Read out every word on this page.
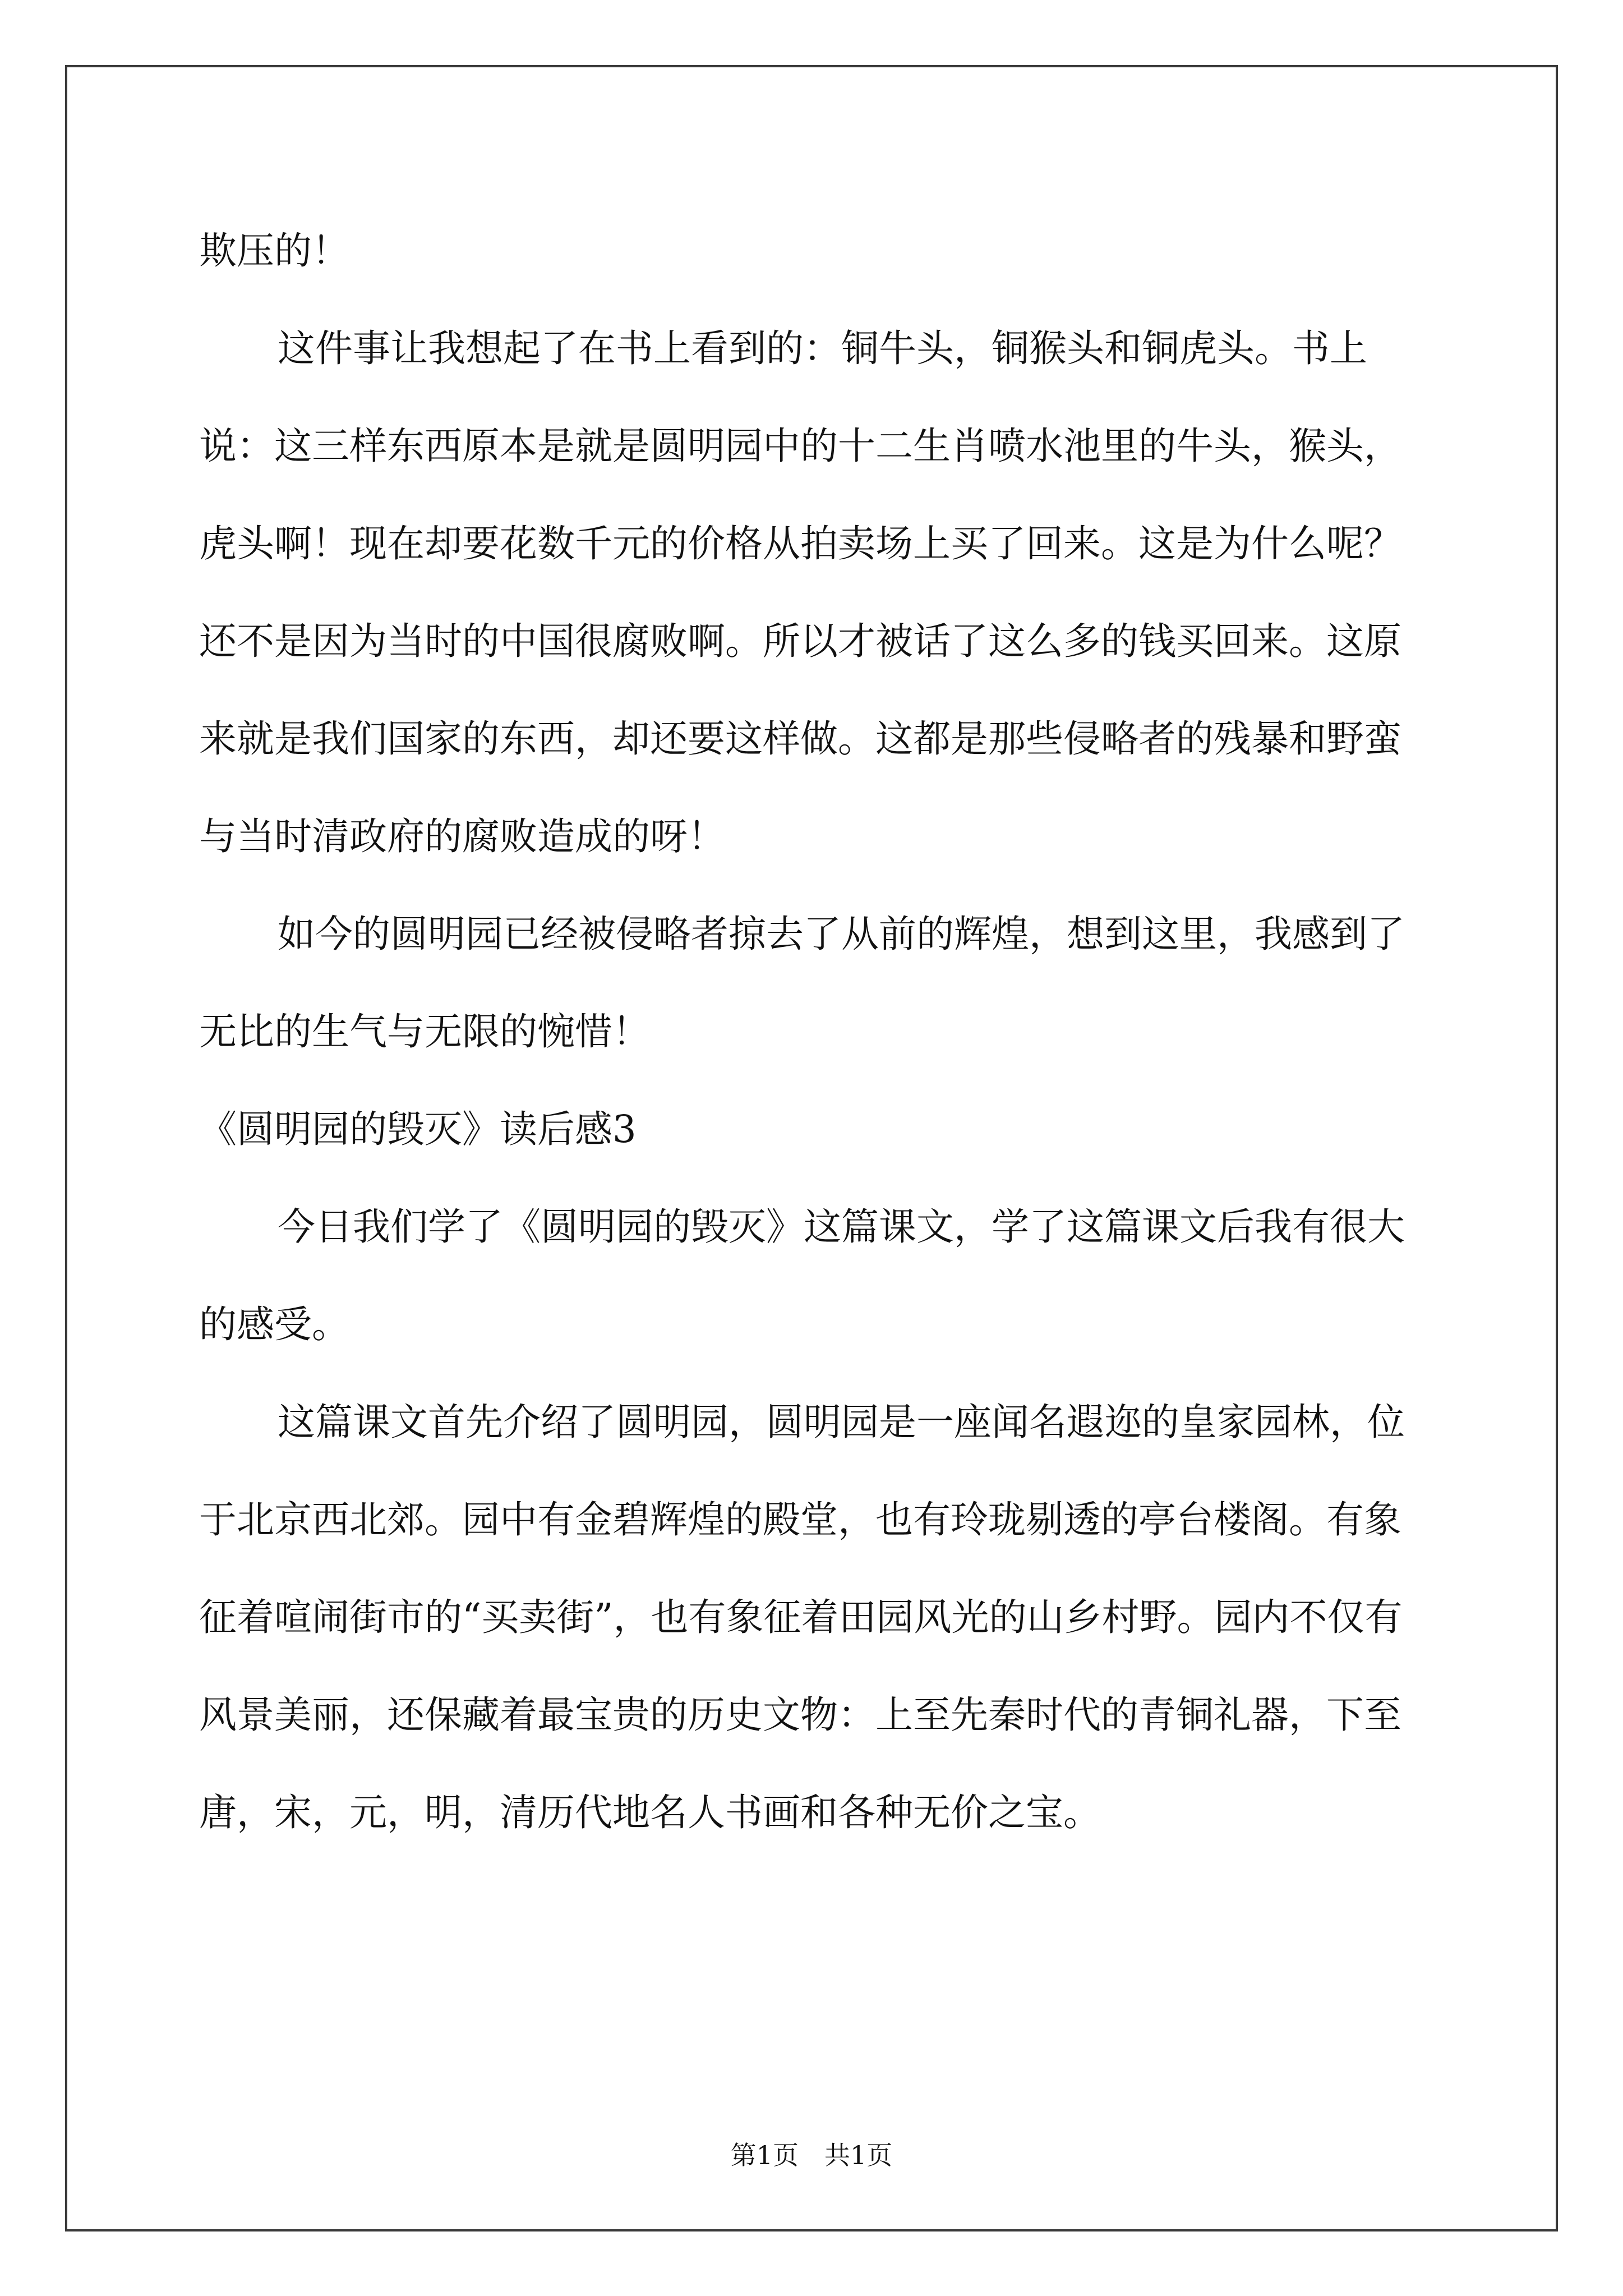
欺压的！

这件事让我想起了在书上看到的：铜牛头，铜猴头和铜虎头。书上说：这三样东西原本是就是圆明园中的十二生肖喷水池里的牛头，猴头，虎头啊！现在却要花数千元的价格从拍卖场上买了回来。这是为什么呢？还不是因为当时的中国很腐败啊。所以才被话了这么多的钱买回来。这原来就是我们国家的东西，却还要这样做。这都是那些侵略者的残暴和野蛮与当时清政府的腐败造成的呀！

如今的圆明园已经被侵略者掠去了从前的辉煌，想到这里，我感到了无比的生气与无限的惋惜！

《圆明园的毁灭》读后感3

今日我们学了《圆明园的毁灭》这篇课文，学了这篇课文后我有很大的感受。

这篇课文首先介绍了圆明园，圆明园是一座闻名遐迩的皇家园林，位于北京西北郊。园中有金碧辉煌的殿堂，也有玲珑剔透的亭台楼阁。有象征着喧闹街市的“买卖街”，也有象征着田园风光的山乡村野。园内不仅有风景美丽，还保藏着最宝贵的历史文物：上至先秦时代的青铜礼器，下至唐，宋，元，明，清历代地名人书画和各种无价之宝。

第1页　共1页
